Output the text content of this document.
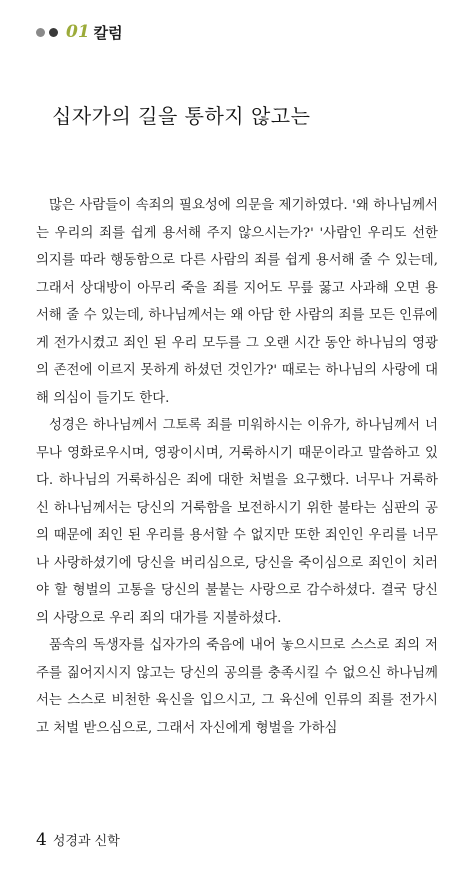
01 칼럼
십자가의 길을 통하지 않고는

많은 사람들이 속죄의 필요성에 의문을 제기하였다. '왜 하나님께서는 우리의 죄를 쉽게 용서해 주지 않으시는가?' '사람인 우리도 선한 의지를 따라 행동함으로 다른 사람의 죄를 쉽게 용서해 줄 수 있는데, 그래서 상대방이 아무리 죽을 죄를 지어도 무릎 꿇고 사과해 오면 용서해 줄 수 있는데, 하나님께서는 왜 아담 한 사람의 죄를 모든 인류에게 전가시켰고 죄인 된 우리 모두를 그 오랜 시간 동안 하나님의 영광의 존전에 이르지 못하게 하셨던 것인가?' 때로는 하나님의 사랑에 대해 의심이 들기도 한다.

성경은 하나님께서 그토록 죄를 미워하시는 이유가, 하나님께서 너무나 영화로우시며, 영광이시며, 거룩하시기 때문이라고 말씀하고 있다. 하나님의 거룩하심은 죄에 대한 처벌을 요구했다. 너무나 거룩하신 하나님께서는 당신의 거룩함을 보전하시기 위한 불타는 심판의 공의 때문에 죄인 된 우리를 용서할 수 없지만 또한 죄인인 우리를 너무나 사랑하셨기에 당신을 버리심으로, 당신을 죽이심으로 죄인이 치러야 할 형벌의 고통을 당신의 불붙는 사랑으로 감수하셨다. 결국 당신의 사랑으로 우리 죄의 대가를 지불하셨다.

품속의 독생자를 십자가의 죽음에 내어 놓으시므로 스스로 죄의 저주를 짊어지시지 않고는 당신의 공의를 충족시킬 수 없으신 하나님께서는 스스로 비천한 육신을 입으시고, 그 육신에 인류의 죄를 전가시고 처벌 받으심으로, 그래서 자신에게 형벌을 가하심

4 성경과 신학
